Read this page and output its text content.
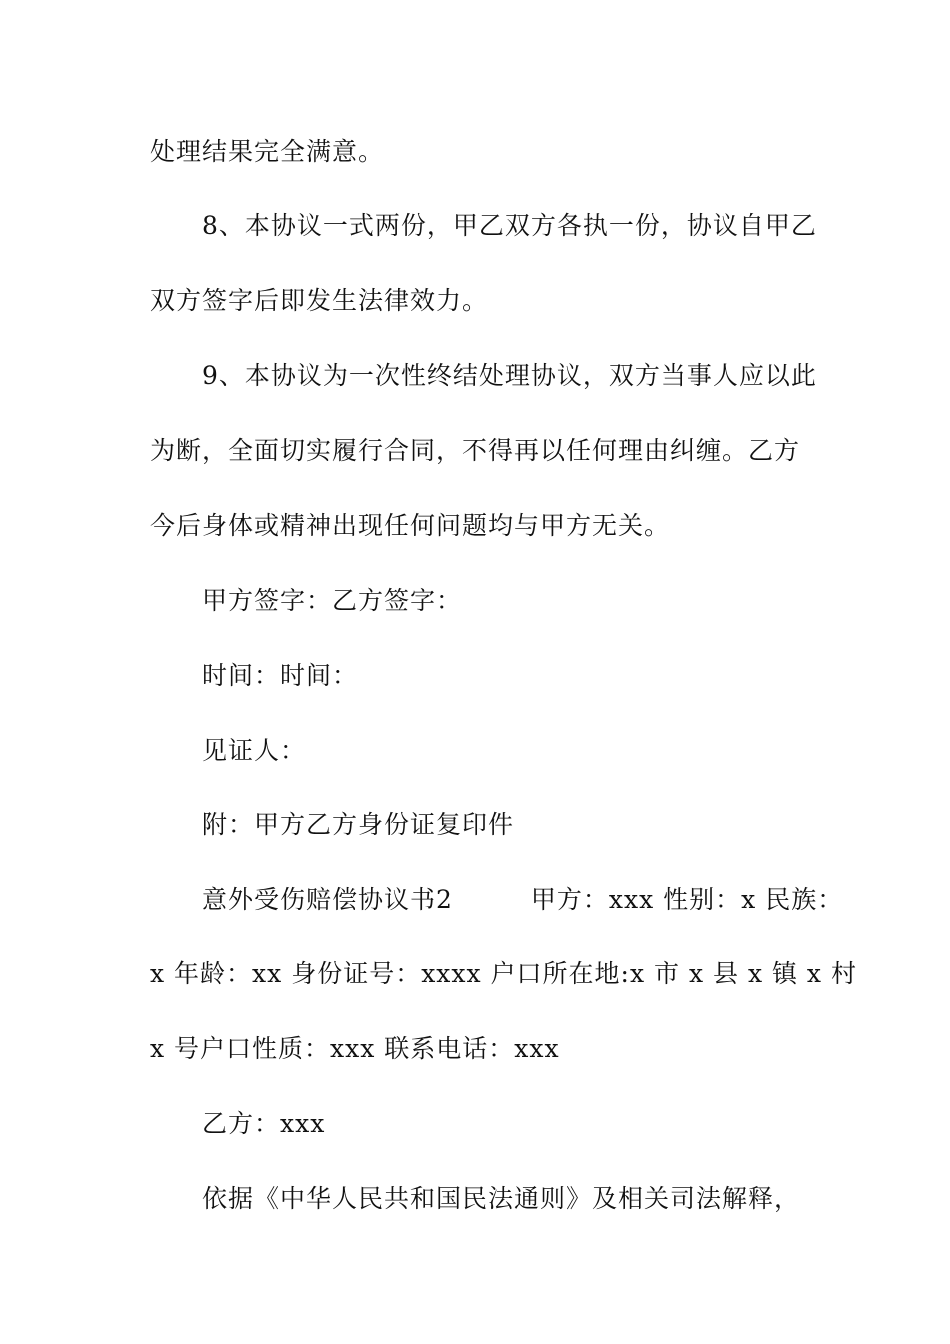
处理结果完全满意。
8、本协议一式两份，甲乙双方各执一份，协议自甲乙
双方签字后即发生法律效力。
9、本协议为一次性终结处理协议，双方当事人应以此
为断，全面切实履行合同，不得再以任何理由纠缠。乙方
今后身体或精神出现任何问题均与甲方无关。
甲方签字：乙方签字：
时间：时间：
见证人：
附：甲方乙方身份证复印件
意外受伤赔偿协议书2　　　甲方：xxx 性别：x 民族：
x 年龄：xx 身份证号：xxxx 户口所在地:x 市 x 县 x 镇 x 村
x 号户口性质：xxx 联系电话：xxx
乙方：xxx
依据《中华人民共和国民法通则》及相关司法解释，
